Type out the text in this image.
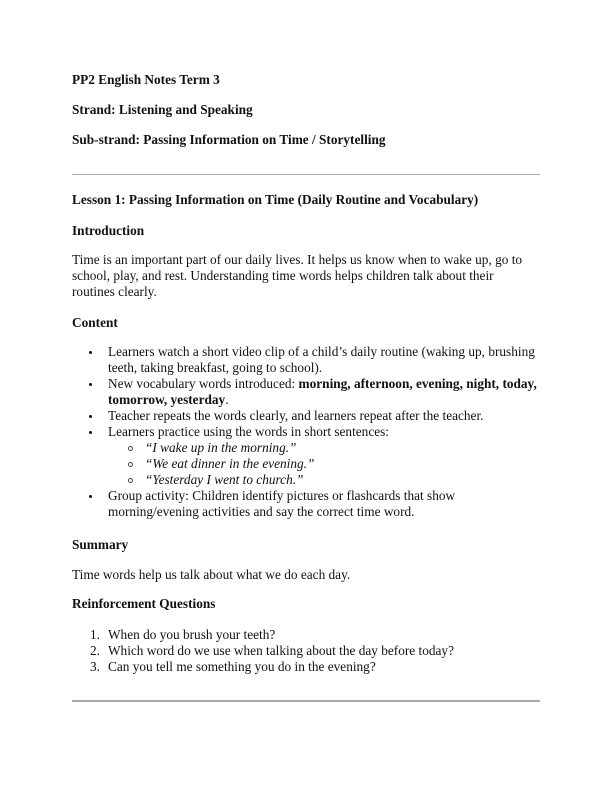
PP2 English Notes Term 3
Strand: Listening and Speaking
Sub-strand: Passing Information on Time / Storytelling
Lesson 1: Passing Information on Time (Daily Routine and Vocabulary)
Introduction

Time is an important part of our daily lives. It helps us know when to wake up, go to school, play, and rest. Understanding time words helps children talk about their routines clearly.

Content
Learners watch a short video clip of a child’s daily routine (waking up, brushing teeth, taking breakfast, going to school).
New vocabulary words introduced: morning, afternoon, evening, night, today, tomorrow, yesterday.
Teacher repeats the words clearly, and learners repeat after the teacher.
Learners practice using the words in short sentences:
“I wake up in the morning.”
“We eat dinner in the evening.”
“Yesterday I went to church.”
Group activity: Children identify pictures or flashcards that show morning/evening activities and say the correct time word.
Summary

Time words help us talk about what we do each day.

Reinforcement Questions
1. When do you brush your teeth?
2. Which word do we use when talking about the day before today?
3. Can you tell me something you do in the evening?
